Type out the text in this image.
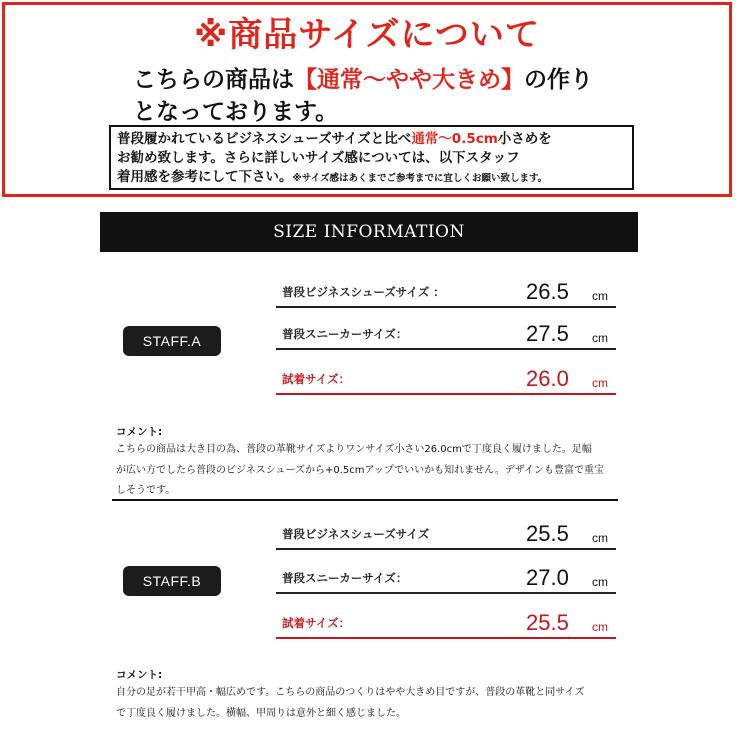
※商品サイズについて
こちらの商品は【通常～やや大きめ】の作り
となっております。
普段履かれているビジネスシューズサイズと比べ通常～0.5cm小さめを
お勧め致します。さらに詳しいサイズ感については、以下スタッフ
着用感を参考にして下さい。※サイズ感はあくまでご参考までに宜しくお願い致します。
SIZE INFORMATION
STAFF.A
普段ビジネスシューズサイズ ：	26.5 cm
普段スニーカーサイズ：	27.5 cm
試着サイズ：	26.0 cm
コメント:
こちらの商品は大き目の為、普段の革靴サイズよりワンサイズ小さい26.0cmで丁度良く履けました。足幅
が広い方でしたら普段のビジネスシューズから+0.5cmアップでいいかも知れません。デザインも豊富で重宝
しそうです。
STAFF.B
普段ビジネスシューズサイズ	25.5 cm
普段スニーカーサイズ：	27.0 cm
試着サイズ：	25.5 cm
コメント:
自分の足が若干甲高・幅広めです。こちらの商品のつくりはやや大きめ目ですが、普段の革靴と同サイズ
で丁度良く履けました。横幅、甲周りは意外と細く感じました。
